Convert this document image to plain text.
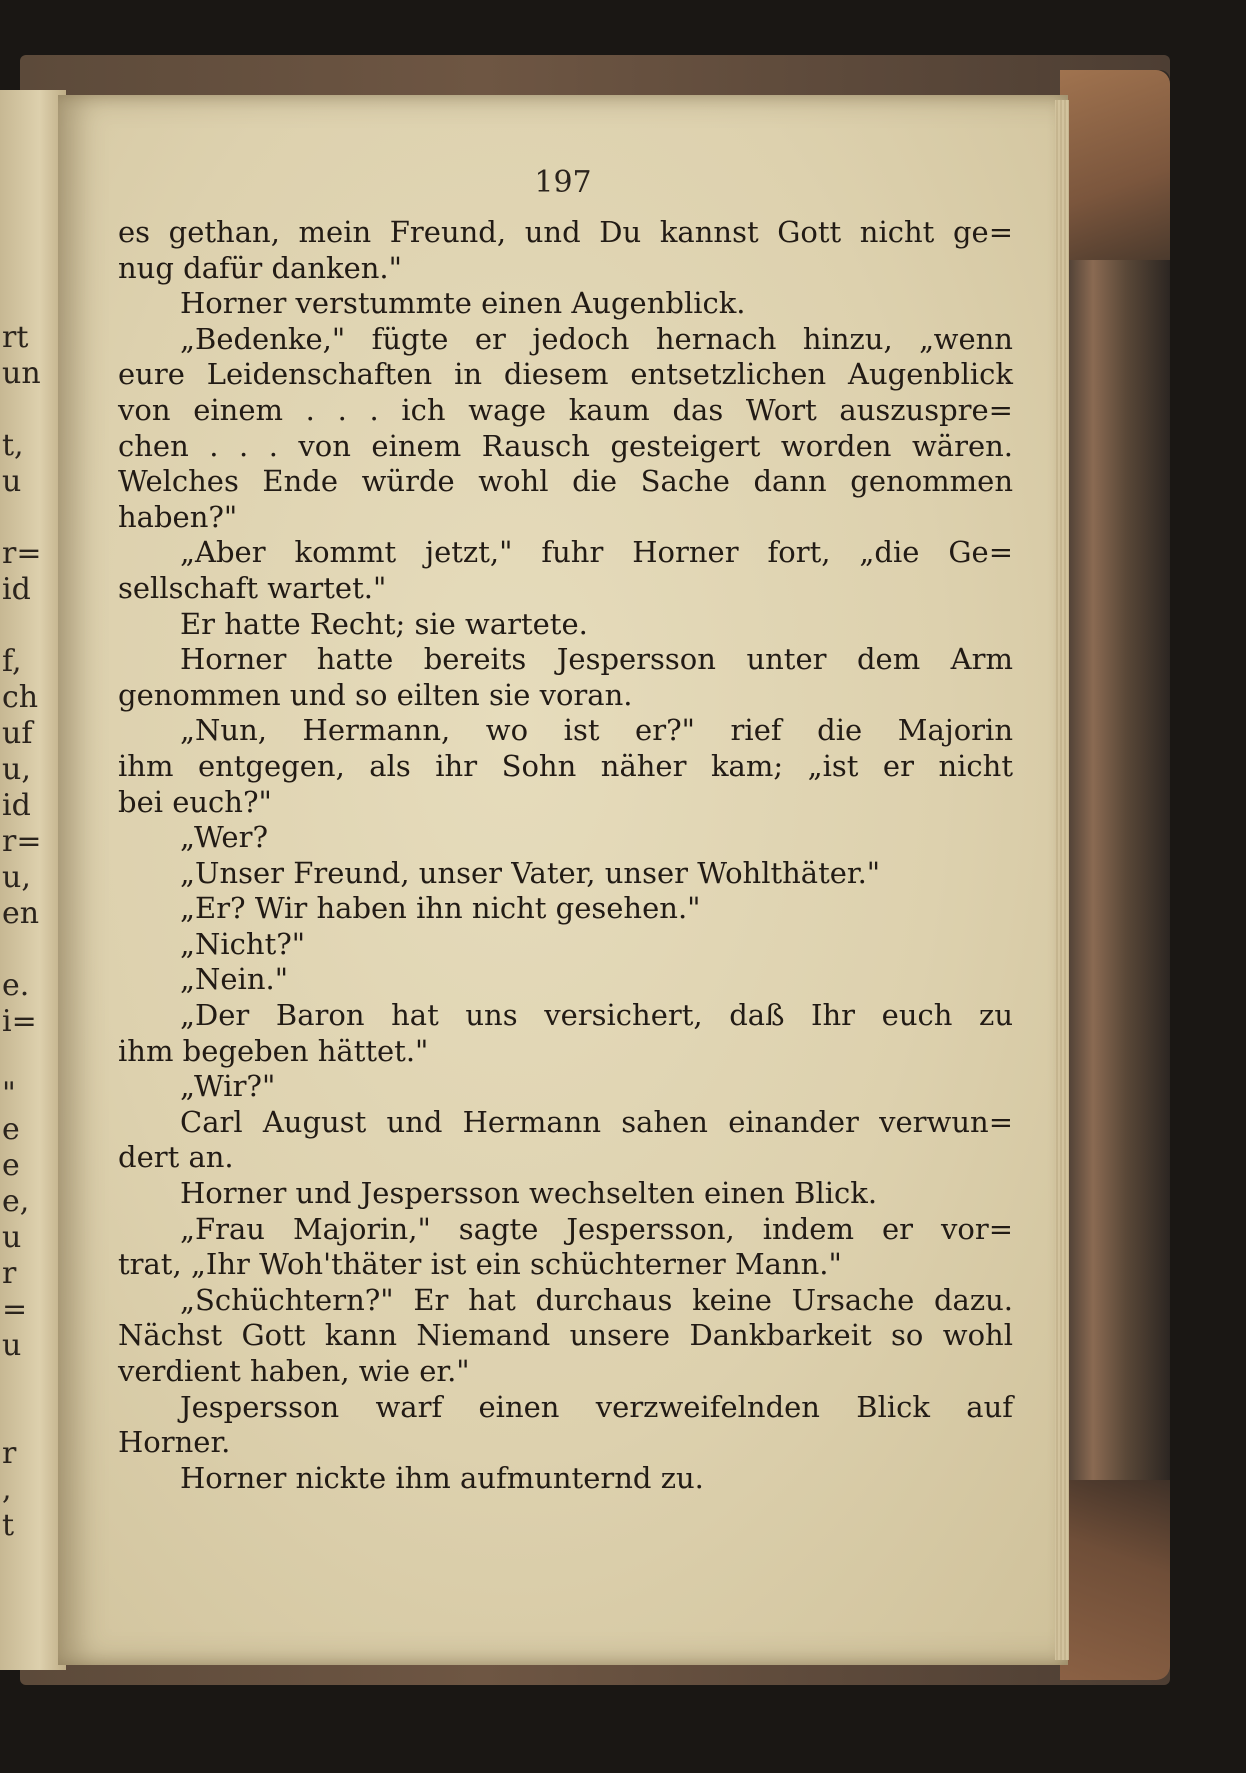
rt
un
t,
u
r=
id
f,
ch
uf
u,
id
r=
u,
en
e.
i=
"
e
e
e,
u
r
=
u
r
,
t
197
es gethan, mein Freund, und Du kannst Gott nicht ge=
nug dafür danken."
Horner verstummte einen Augenblick.
„Bedenke," fügte er jedoch hernach hinzu, „wenn
eure Leidenschaften in diesem entsetzlichen Augenblick
von einem . . . ich wage kaum das Wort auszuspre=
chen . . . von einem Rausch gesteigert worden wären.
Welches Ende würde wohl die Sache dann genommen
haben?"
„Aber kommt jetzt," fuhr Horner fort, „die Ge=
sellschaft wartet."
Er hatte Recht; sie wartete.
Horner hatte bereits Jespersson unter dem Arm
genommen und so eilten sie voran.
„Nun, Hermann, wo ist er?" rief die Majorin
ihm entgegen, als ihr Sohn näher kam; „ist er nicht
bei euch?"
„Wer?
„Unser Freund, unser Vater, unser Wohlthäter."
„Er? Wir haben ihn nicht gesehen."
„Nicht?"
„Nein."
„Der Baron hat uns versichert, daß Ihr euch zu
ihm begeben hättet."
„Wir?"
Carl August und Hermann sahen einander verwun=
dert an.
Horner und Jespersson wechselten einen Blick.
„Frau Majorin," sagte Jespersson, indem er vor=
trat, „Ihr Woh'thäter ist ein schüchterner Mann."
„Schüchtern?" Er hat durchaus keine Ursache dazu.
Nächst Gott kann Niemand unsere Dankbarkeit so wohl
verdient haben, wie er."
Jespersson warf einen verzweifelnden Blick auf
Horner.
Horner nickte ihm aufmunternd zu.
